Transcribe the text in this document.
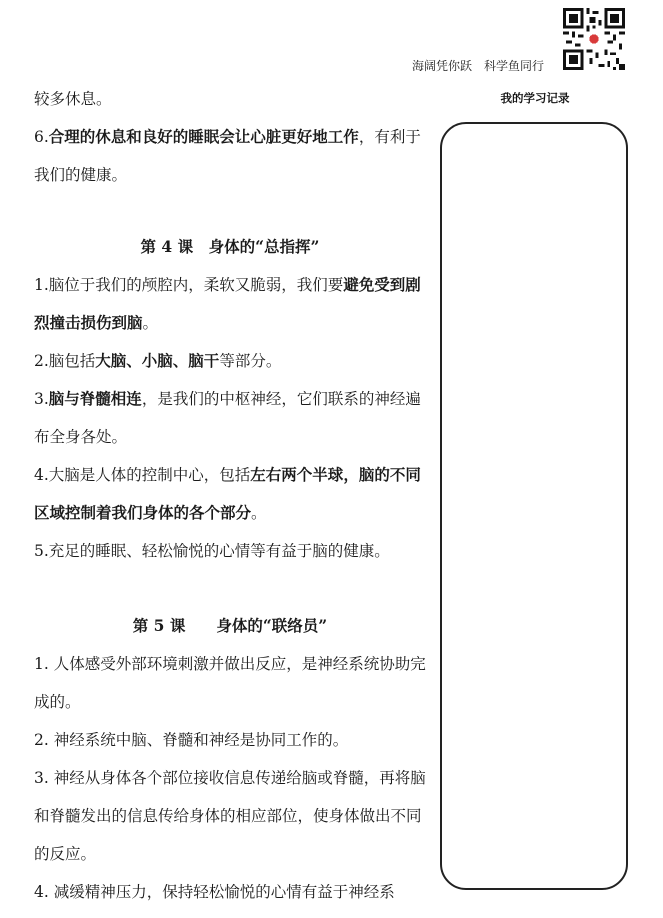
海阔凭你跃　科学鱼同行
我的学习记录

较多休息。

6.合理的休息和良好的睡眠会让心脏更好地工作，有利于我们的健康。

第 4 课　身体的“总指挥”

1.脑位于我们的颅腔内，柔软又脆弱，我们要避免受到剧烈撞击损伤到脑。

2.脑包括大脑、小脑、脑干等部分。

3.脑与脊髓相连，是我们的中枢神经，它们联系的神经遍布全身各处。

4.大脑是人体的控制中心，包括左右两个半球，脑的不同区域控制着我们身体的各个部分。

5.充足的睡眠、轻松愉悦的心情等有益于脑的健康。

第 5 课　　身体的“联络员”

1. 人体感受外部环境刺激并做出反应，是神经系统协助完成的。

2. 神经系统中脑、脊髓和神经是协同工作的。

3. 神经从身体各个部位接收信息传递给脑或脊髓，再将脑和脊髓发出的信息传给身体的相应部位，使身体做出不同的反应。

4. 减缓精神压力，保持轻松愉悦的心情有益于神经系
